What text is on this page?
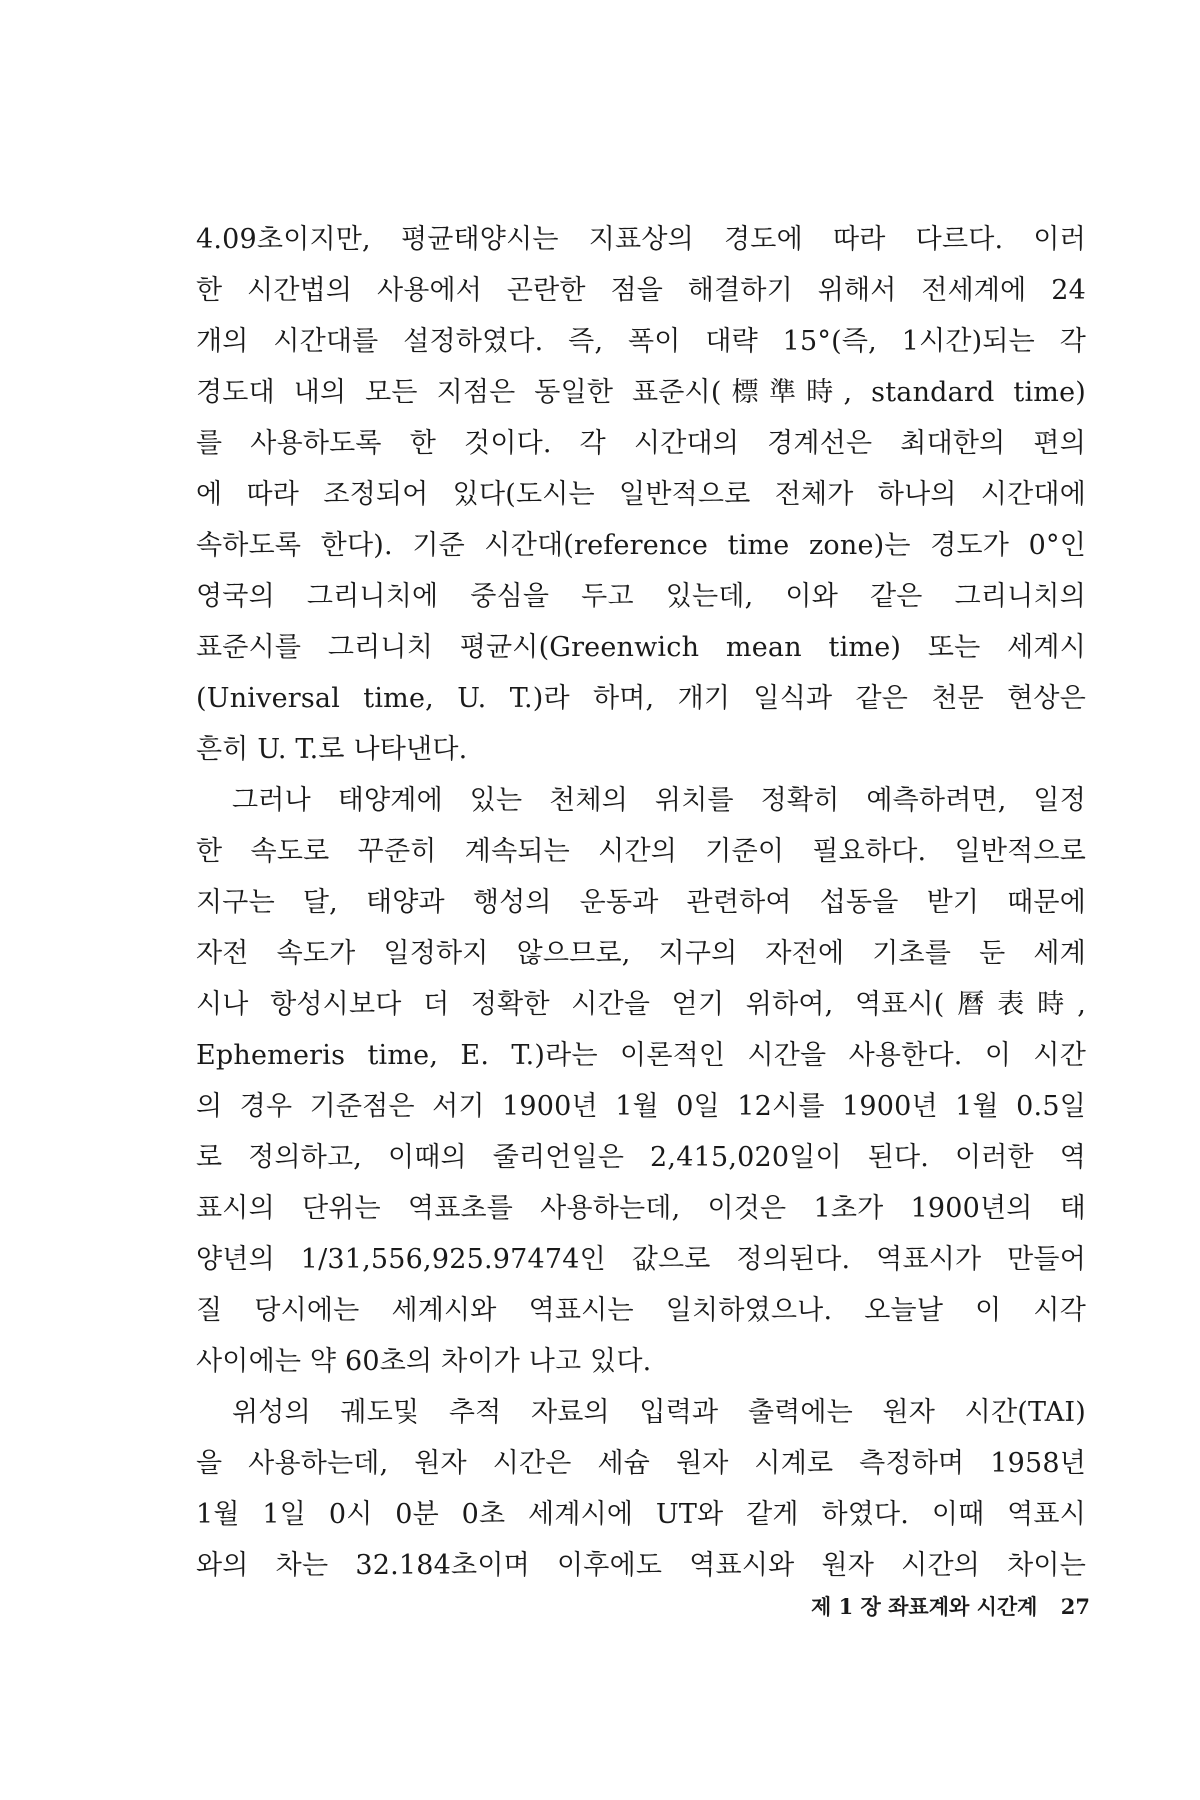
4.09초이지만, 평균태양시는 지표상의 경도에 따라 다르다. 이러
한 시간법의 사용에서 곤란한 점을 해결하기 위해서 전세계에 24
개의 시간대를 설정하였다. 즉, 폭이 대략 15°(즉, 1시간)되는 각
경도대 내의 모든 지점은 동일한 표준시(標準時, standard time)
를 사용하도록 한 것이다. 각 시간대의 경계선은 최대한의 편의
에 따라 조정되어 있다(도시는 일반적으로 전체가 하나의 시간대에
속하도록 한다). 기준 시간대(reference time zone)는 경도가 0°인
영국의 그리니치에 중심을 두고 있는데, 이와 같은 그리니치의
표준시를 그리니치 평균시(Greenwich mean time) 또는 세계시
(Universal time, U. T.)라 하며, 개기 일식과 같은 천문 현상은
흔히 U. T.로 나타낸다.
그러나 태양계에 있는 천체의 위치를 정확히 예측하려면, 일정
한 속도로 꾸준히 계속되는 시간의 기준이 필요하다. 일반적으로
지구는 달, 태양과 행성의 운동과 관련하여 섭동을 받기 때문에
자전 속도가 일정하지 않으므로, 지구의 자전에 기초를 둔 세계
시나 항성시보다 더 정확한 시간을 얻기 위하여, 역표시(曆表時,
Ephemeris time, E. T.)라는 이론적인 시간을 사용한다. 이 시간
의 경우 기준점은 서기 1900년 1월 0일 12시를 1900년 1월 0.5일
로 정의하고, 이때의 줄리언일은 2,415,020일이 된다. 이러한 역
표시의 단위는 역표초를 사용하는데, 이것은 1초가 1900년의 태
양년의 1/31,556,925.97474인 값으로 정의된다. 역표시가 만들어
질 당시에는 세계시와 역표시는 일치하였으나. 오늘날 이 시각
사이에는 약 60초의 차이가 나고 있다.
위성의 궤도및 추적 자료의 입력과 출력에는 원자 시간(TAI)
을 사용하는데, 원자 시간은 세슘 원자 시계로 측정하며 1958년
1월 1일 0시 0분 0초 세계시에 UT와 같게 하였다. 이때 역표시
와의 차는 32.184초이며 이후에도 역표시와 원자 시간의 차이는
제 1 장 좌표계와 시간계 27
